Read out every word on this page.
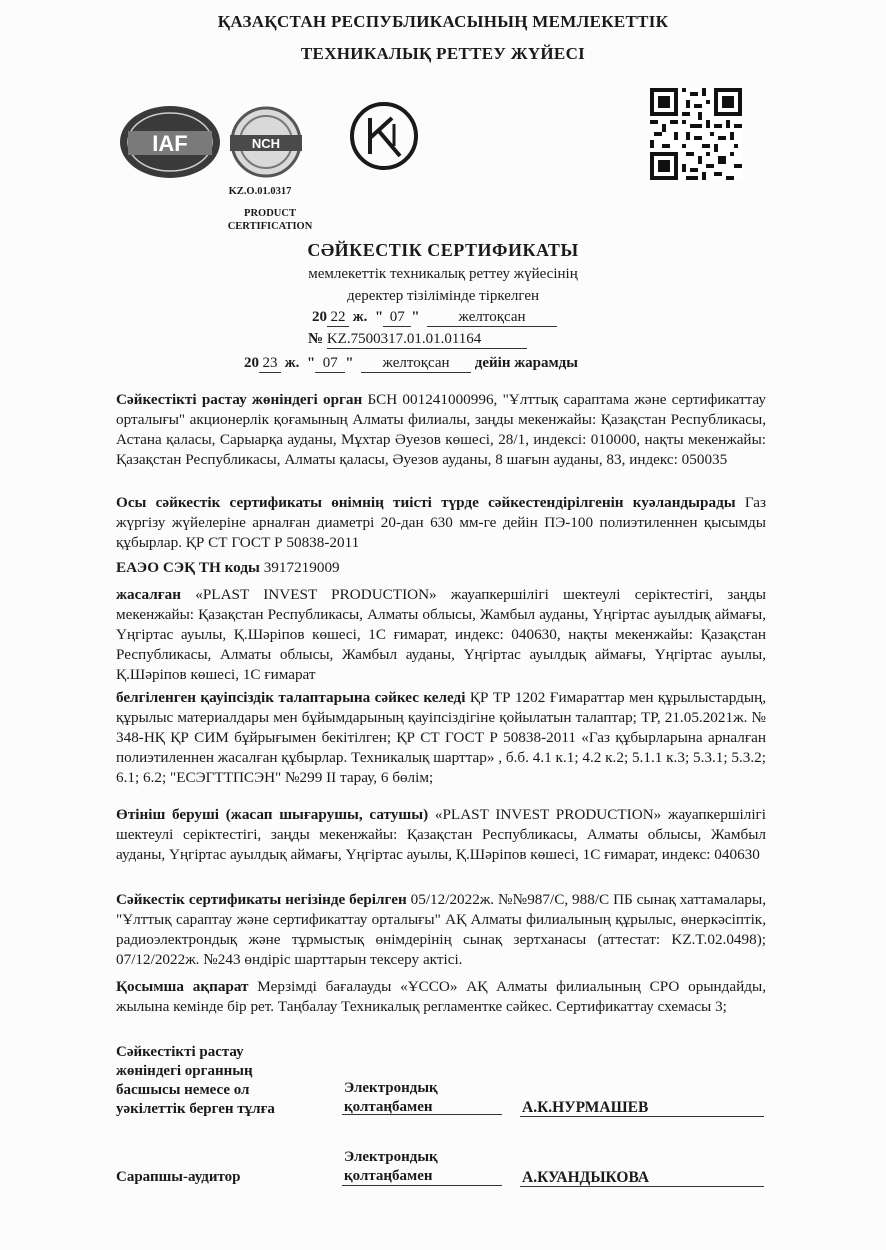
ҚАЗАҚСТАН РЕСПУБЛИКАСЫНЫҢ МЕМЛЕКЕТТІК
ТЕХНИКАЛЫҚ РЕТТЕУ ЖҮЙЕСІ
IAF	NCH
KZ.O.01.0317
PRODUCT
CERTIFICATION
СӘЙКЕСТІК СЕРТИФИКАТЫ
мемлекеттік техникалық реттеу жүйесінің
деректер тізілімінде тіркелген
20 22 ж. " 07 "	желтоқсан
№ KZ.7500317.01.01.01164
20 23 ж. " 07 " желтоқсан дейін жарамды
Сәйкестікті растау жөніндегі орган БСН 001241000996, "Ұлттық сараптама және сертификаттау орталығы" акционерлік қоғамының Алматы филиалы, заңды мекенжайы: Қазақстан Республикасы, Астана қаласы, Сарыарқа ауданы, Мұхтар Әуезов көшесі, 28/1, индексі: 010000, нақты мекенжайы: Қазақстан Республикасы, Алматы қаласы, Әуезов ауданы, 8 шағын ауданы, 83, индекс: 050035
Осы сәйкестік сертификаты өнімнің тиісті түрде сәйкестендірілгенін куәландырады Газ жүргізу жүйелеріне арналған диаметрі 20-дан 630 мм-ге дейін ПЭ-100 полиэтиленнен қысымды құбырлар. ҚР СТ ГОСТ Р 50838-2011
ЕАЭО СЭҚ ТН коды 3917219009
жасалған «PLAST INVEST PRODUCTION» жауапкершілігі шектеулі серіктестігі, заңды мекенжайы: Қазақстан Республикасы, Алматы облысы, Жамбыл ауданы, Үңгіртас ауылдық аймағы, Үңгіртас ауылы, Қ.Шәріпов көшесі, 1С ғимарат, индекс: 040630, нақты мекенжайы: Қазақстан Республикасы, Алматы облысы, Жамбыл ауданы, Үңгіртас ауылдық аймағы, Үңгіртас ауылы, Қ.Шәріпов көшесі, 1С ғимарат
белгіленген қауіпсіздік талаптарына сәйкес келеді ҚР ТР 1202 Ғимараттар мен құрылыстардың, құрылыс материалдары мен бұйымдарының қауіпсіздігіне қойылатын талаптар; ТР, 21.05.2021ж. № 348-НҚ ҚР СИМ бұйрығымен бекітілген; ҚР СТ ГОСТ Р 50838-2011 «Газ құбырларына арналған полиэтиленнен жасалған құбырлар. Техникалық шарттар» , б.б. 4.1 к.1; 4.2 к.2; 5.1.1 к.3; 5.3.1; 5.3.2; 6.1; 6.2; "ЕСЭГТТПСЭН" №299 II тарау, 6 бөлім;
Өтініш беруші (жасап шығарушы, сатушы) «PLAST INVEST PRODUCTION» жауапкершілігі шектеулі серіктестігі, заңды мекенжайы: Қазақстан Республикасы, Алматы облысы, Жамбыл ауданы, Үңгіртас ауылдық аймағы, Үңгіртас ауылы, Қ.Шәріпов көшесі, 1С ғимарат, индекс: 040630
Сәйкестік сертификаты негізінде берілген 05/12/2022ж. №№987/С, 988/С ПБ сынақ хаттамалары, "Ұлттық сараптау және сертификаттау орталығы" АҚ Алматы филиалының құрылыс, өнеркәсіптік, радиоэлектрондық және тұрмыстық өнімдерінің сынақ зертханасы (аттестат: KZ.T.02.0498); 07/12/2022ж. №243 өндіріс шарттарын тексеру актісі.
Қосымша ақпарат Мерзімді бағалауды «ҰССО» АҚ Алматы филиалының СРО орындайды, жылына кемінде бір рет. Таңбалау Техникалық регламентке сәйкес. Сертификаттау схемасы 3;
Сәйкестікті растау
жөніндегі органның
басшысы немесе ол
уәкілеттік берген тұлға
Электрондық
қолтаңбамен	А.К.НУРМАШЕВ
Сарапшы-аудитор
Электрондық
қолтаңбамен	А.КУАНДЫКОВА
